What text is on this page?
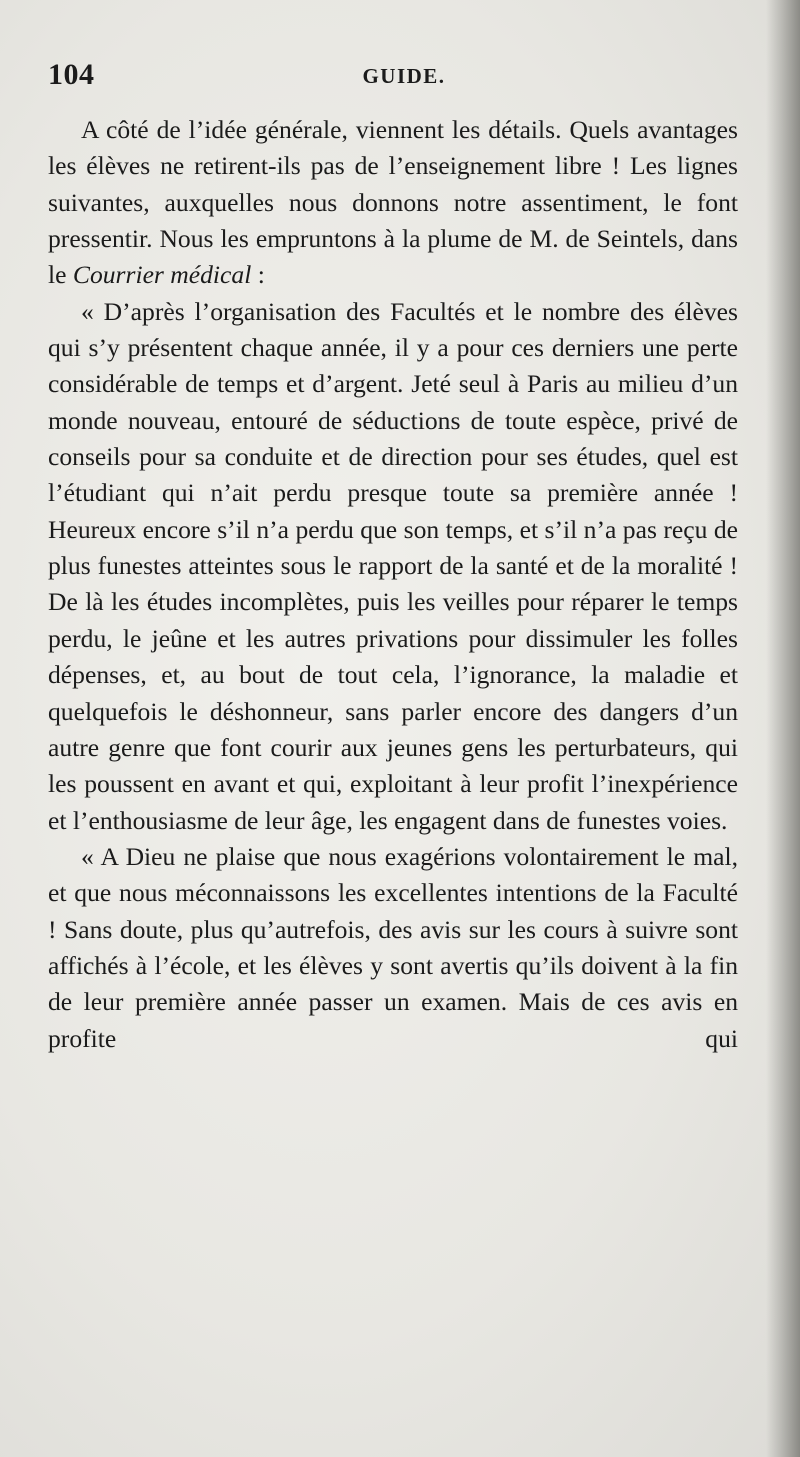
104	GUIDE.

A côté de l’idée générale, viennent les détails. Quels avantages les élèves ne retirent-ils pas de l’enseignement libre ! Les lignes suivantes, auxquelles nous donnons notre assentiment, le font pressentir. Nous les empruntons à la plume de M. de Seintels, dans le Courrier médical :

« D’après l’organisation des Facultés et le nombre des élèves qui s’y présentent chaque année, il y a pour ces derniers une perte considérable de temps et d’argent. Jeté seul à Paris au milieu d’un monde nouveau, entouré de séductions de toute espèce, privé de conseils pour sa conduite et de direction pour ses études, quel est l’étudiant qui n’ait perdu presque toute sa première année ! Heureux encore s’il n’a perdu que son temps, et s’il n’a pas reçu de plus funestes atteintes sous le rapport de la santé et de la moralité ! De là les études incomplètes, puis les veilles pour réparer le temps perdu, le jeûne et les autres privations pour dissimuler les folles dépenses, et, au bout de tout cela, l’ignorance, la maladie et quelquefois le déshonneur, sans parler encore des dangers d’un autre genre que font courir aux jeunes gens les perturbateurs, qui les poussent en avant et qui, exploitant à leur profit l’inexpérience et l’enthousiasme de leur âge, les engagent dans de funestes voies.

« A Dieu ne plaise que nous exagérions volontairement le mal, et que nous méconnaissons les excellentes intentions de la Faculté ! Sans doute, plus qu’autrefois, des avis sur les cours à suivre sont affichés à l’école, et les élèves y sont avertis qu’ils doivent à la fin de leur première année passer un examen. Mais de ces avis en profite qui
